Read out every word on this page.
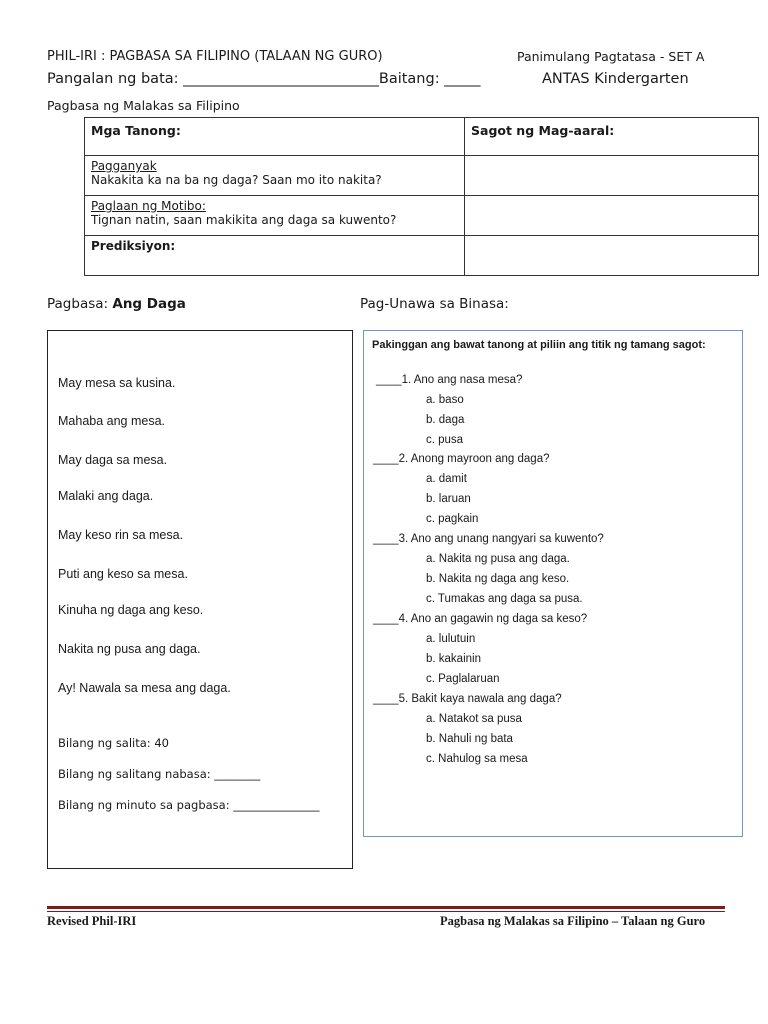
PHIL-IRI : PAGBASA SA FILIPINO (TALAAN NG GURO)	Panimulang Pagtatasa - SET A
Pangalan ng bata: ___________________________Baitang: _____	ANTAS Kindergarten
Pagbasa ng Malakas sa Filipino
Mga Tanong:	Sagot ng Mag-aaral:

Pagganyak
Nakakita ka na ba ng daga? Saan mo ito nakita?	

Paglaan ng Motibo:
Tignan natin, saan makikita ang daga sa kuwento?	

Prediksiyon:	

Pagbasa: Ang Daga	Pag-Unawa sa Binasa:
May mesa sa kusina.
Mahaba ang mesa.
May daga sa mesa.
Malaki ang daga.
May keso rin sa mesa.
Puti ang keso sa mesa.
Kinuha ng daga ang keso.
Nakita ng pusa ang daga.
Ay! Nawala sa mesa ang daga.
Bilang ng salita: 40
Bilang ng salitang nabasa: ________
Bilang ng minuto sa pagbasa: _______________
Pakinggan ang bawat tanong at piliin ang titik ng tamang sagot:
____1. Ano ang nasa mesa?
a. baso
b. daga
c. pusa
____2. Anong mayroon ang daga?
a. damit
b. laruan
c. pagkain
____3. Ano ang unang nangyari sa kuwento?
a. Nakita ng pusa ang daga.
b. Nakita ng daga ang keso.
c. Tumakas ang daga sa pusa.
____4. Ano an gagawin ng daga sa keso?
a. lulutuin
b. kakainin
c. Paglalaruan
____5. Bakit kaya nawala ang daga?
a. Natakot sa pusa
b. Nahuli ng bata
c. Nahulog sa mesa
Revised Phil-IRI	Pagbasa ng Malakas sa Filipino – Talaan ng Guro
